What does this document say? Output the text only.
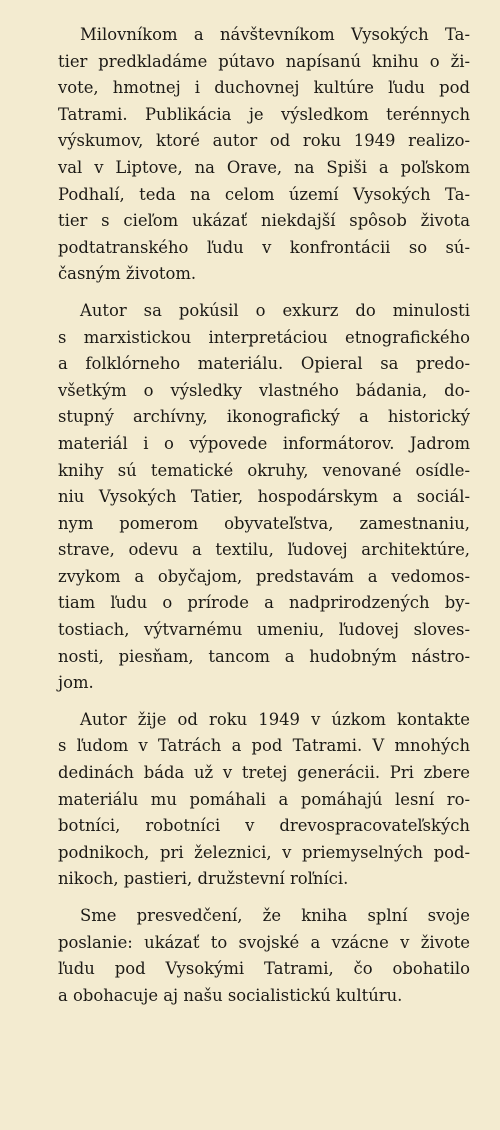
Milovníkom a návštevníkom Vysokých Ta-
tier predkladáme pútavo napísanú knihu o ži-
vote, hmotnej i duchovnej kultúre ľudu pod
Tatrami. Publikácia je výsledkom terénnych
výskumov, ktoré autor od roku 1949 realizo-
val v Liptove, na Orave, na Spiši a poľskom
Podhalí, teda na celom území Vysokých Ta-
tier s cieľom ukázať niekdajší spôsob života
podtatranského ľudu v konfrontácii so sú-
časným životom.
Autor sa pokúsil o exkurz do minulosti
s marxistickou interpretáciou etnografického
a folklórneho materiálu. Opieral sa predo-
všetkým o výsledky vlastného bádania, do-
stupný archívny, ikonografický a historický
materiál i o výpovede informátorov. Jadrom
knihy sú tematické okruhy, venované osídle-
niu Vysokých Tatier, hospodárskym a sociál-
nym pomerom obyvateľstva, zamestnaniu,
strave, odevu a textilu, ľudovej architektúre,
zvykom a obyčajom, predstavám a vedomos-
tiam ľudu o prírode a nadprirodzených by-
tostiach, výtvarnému umeniu, ľudovej sloves-
nosti, piesňam, tancom a hudobným nástro-
jom.
Autor žije od roku 1949 v úzkom kontakte
s ľudom v Tatrách a pod Tatrami. V mnohých
dedinách báda už v tretej generácii. Pri zbere
materiálu mu pomáhali a pomáhajú lesní ro-
botníci, robotníci v drevospracovateľských
podnikoch, pri železnici, v priemyselných pod-
nikoch, pastieri, družstevní roľníci.
Sme presvedčení, že kniha splní svoje
poslanie: ukázať to svojské a vzácne v živote
ľudu pod Vysokými Tatrami, čo obohatilo
a obohacuje aj našu socialistickú kultúru.
